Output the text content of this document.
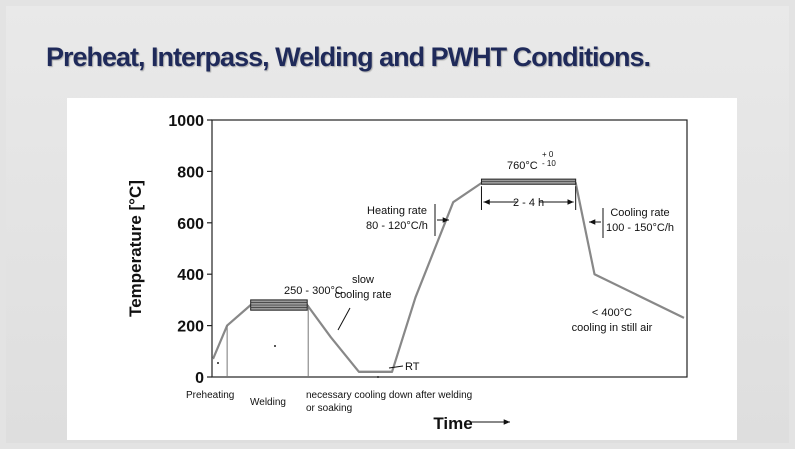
Preheat, Interpass, Welding and PWHT Conditions.
0
200
400
600
800
1000
Temperature [°C]
Time
250 - 300°C
slow
cooling rate
RT
760°C
+ 0
- 10
2 - 4 h
Heating rate
80 - 120°C/h
Cooling rate
100 - 150°C/h
< 400°C
cooling in still air
Preheating
Welding
necessary cooling down after welding
or soaking
